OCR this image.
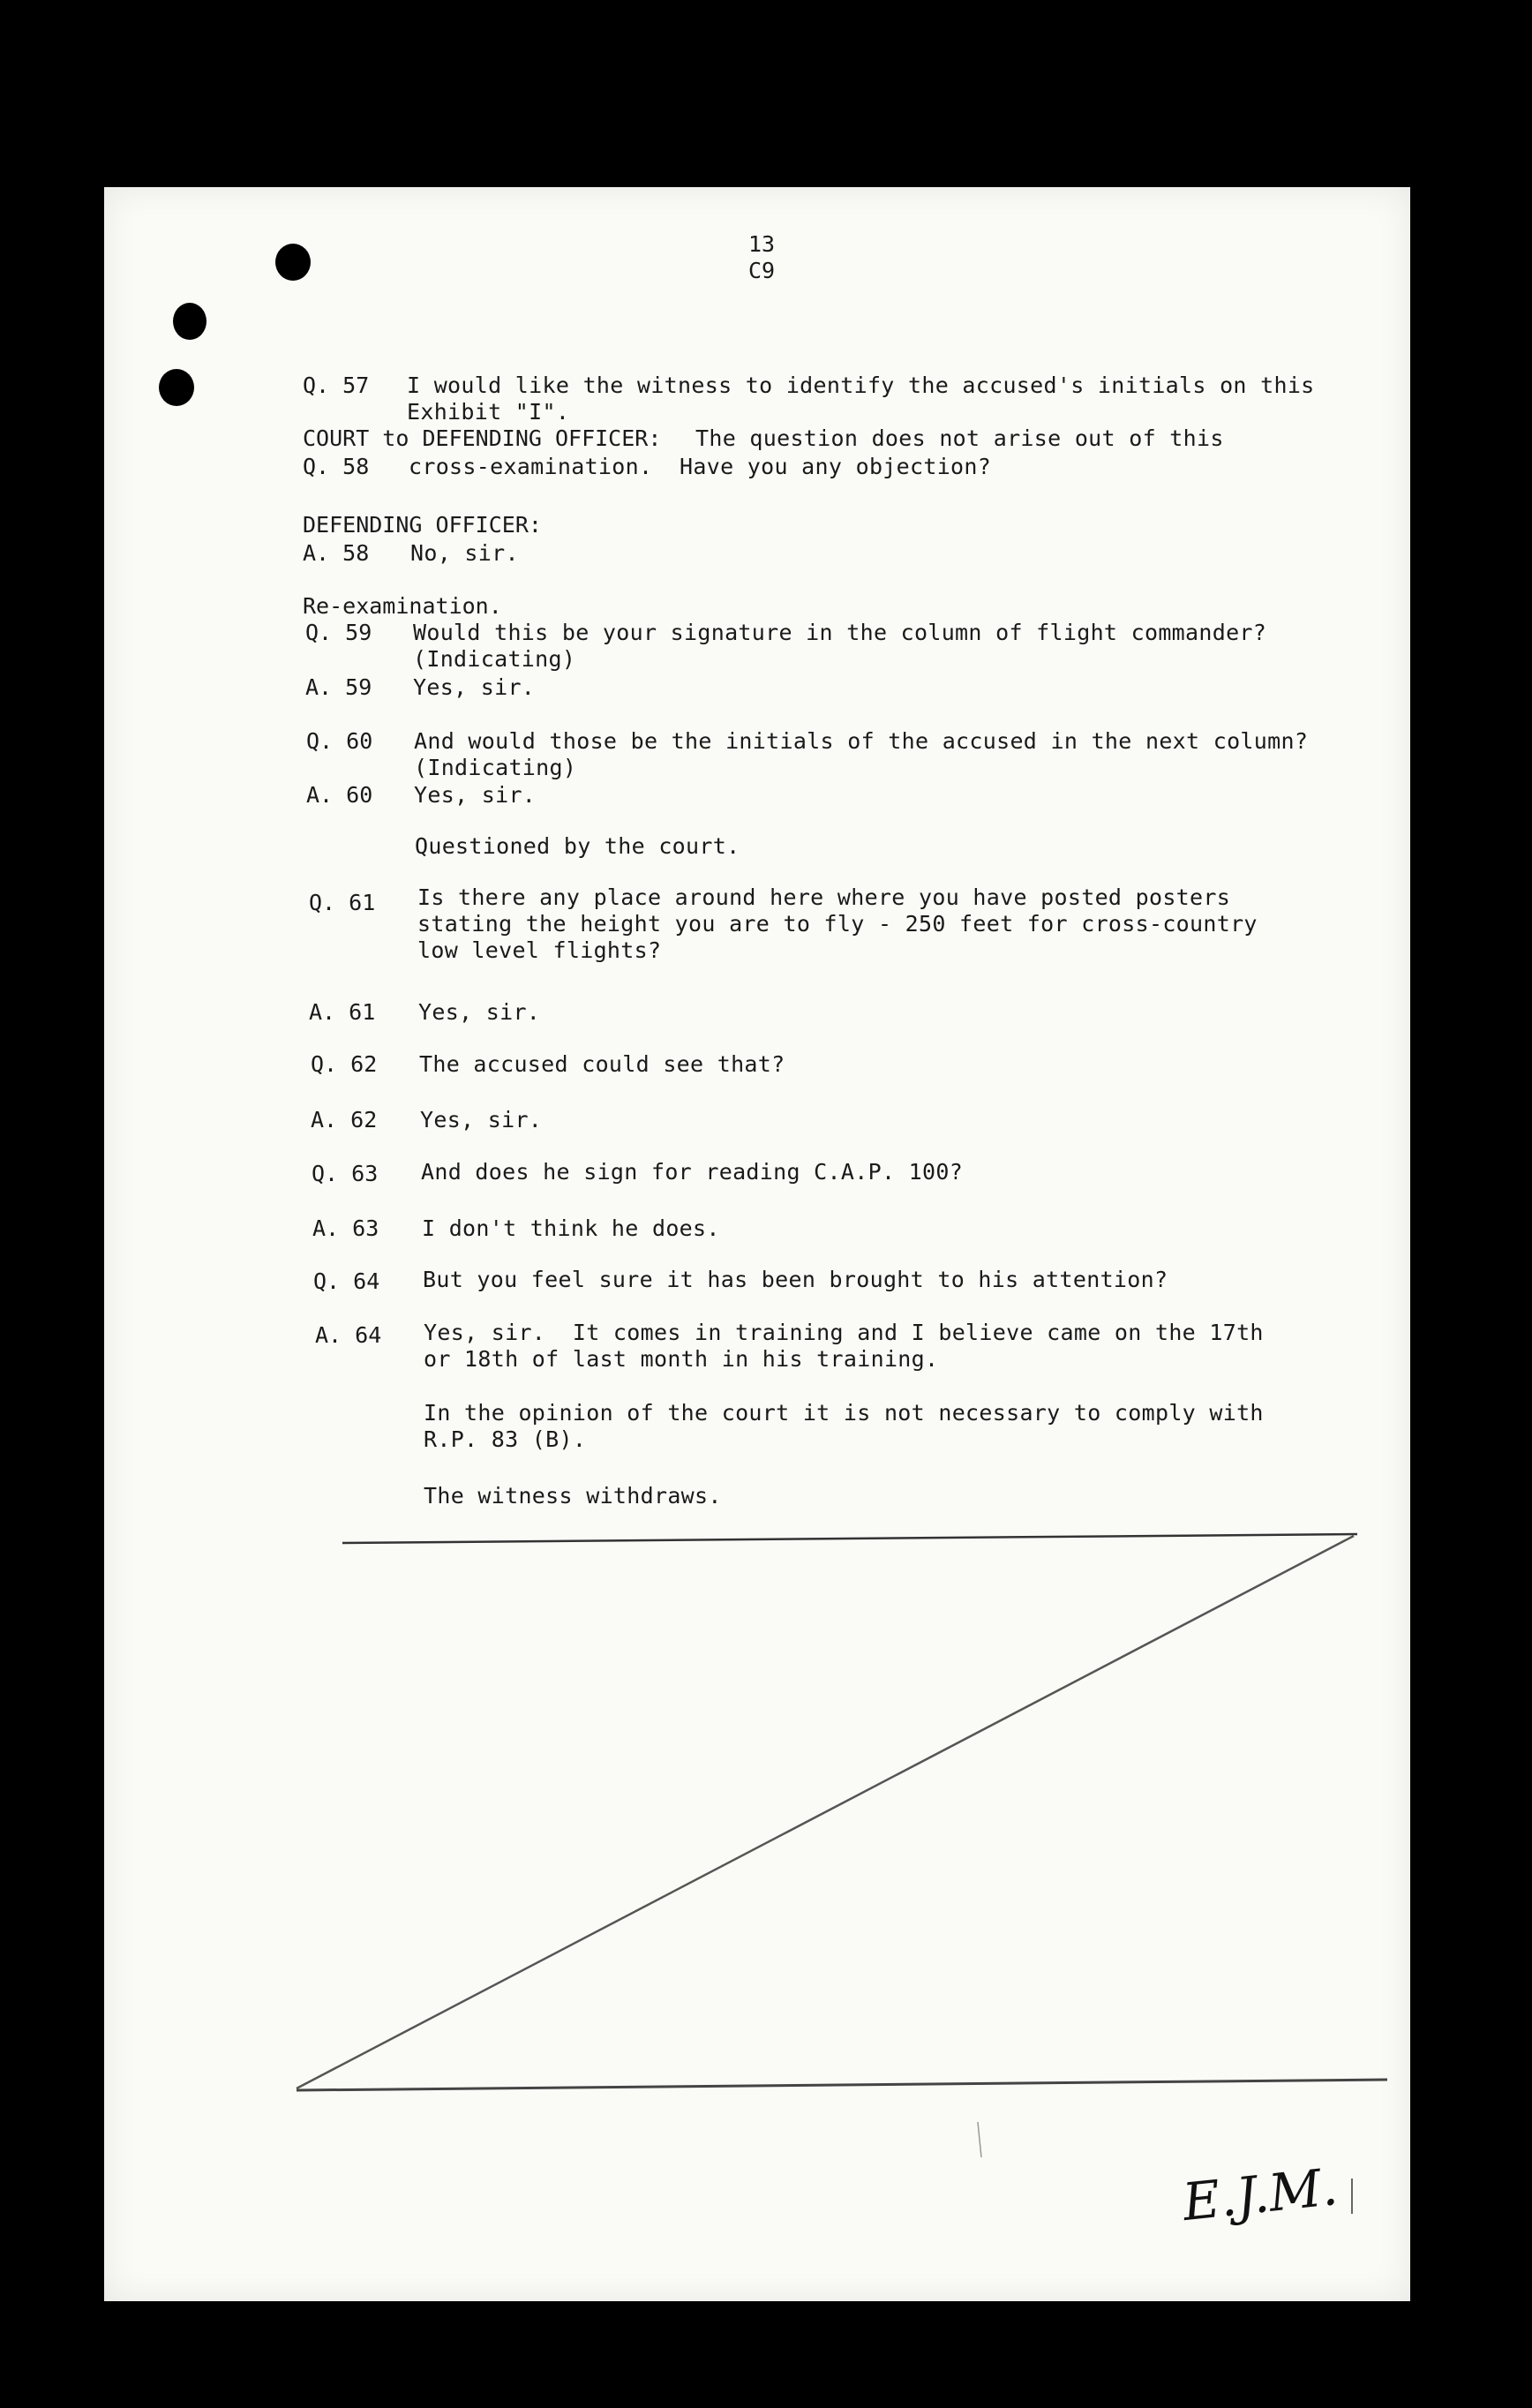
13
C9
Q. 57 I would like the witness to identify the accused's initials on this
Exhibit "I".
COURT to DEFENDING OFFICER: The question does not arise out of this
Q. 58 cross-examination.  Have you any objection?
DEFENDING OFFICER:
A. 58 No, sir.
Re-examination.
Q. 59 Would this be your signature in the column of flight commander?
(Indicating)
A. 59 Yes, sir.
Q. 60 And would those be the initials of the accused in the next column?
(Indicating)
A. 60 Yes, sir.
Questioned by the court.
Q. 61 Is there any place around here where you have posted posters
stating the height you are to fly - 250 feet for cross-country
low level flights?
A. 61 Yes, sir.
Q. 62 The accused could see that?
A. 62 Yes, sir.
Q. 63 And does he sign for reading C.A.P. 100?
A. 63 I don't think he does.
Q. 64 But you feel sure it has been brought to his attention?
A. 64 Yes, sir.  It comes in training and I believe came on the 17th
or 18th of last month in his training.
In the opinion of the court it is not necessary to comply with
R.P. 83 (B).
The witness withdraws.
E.J.M.
